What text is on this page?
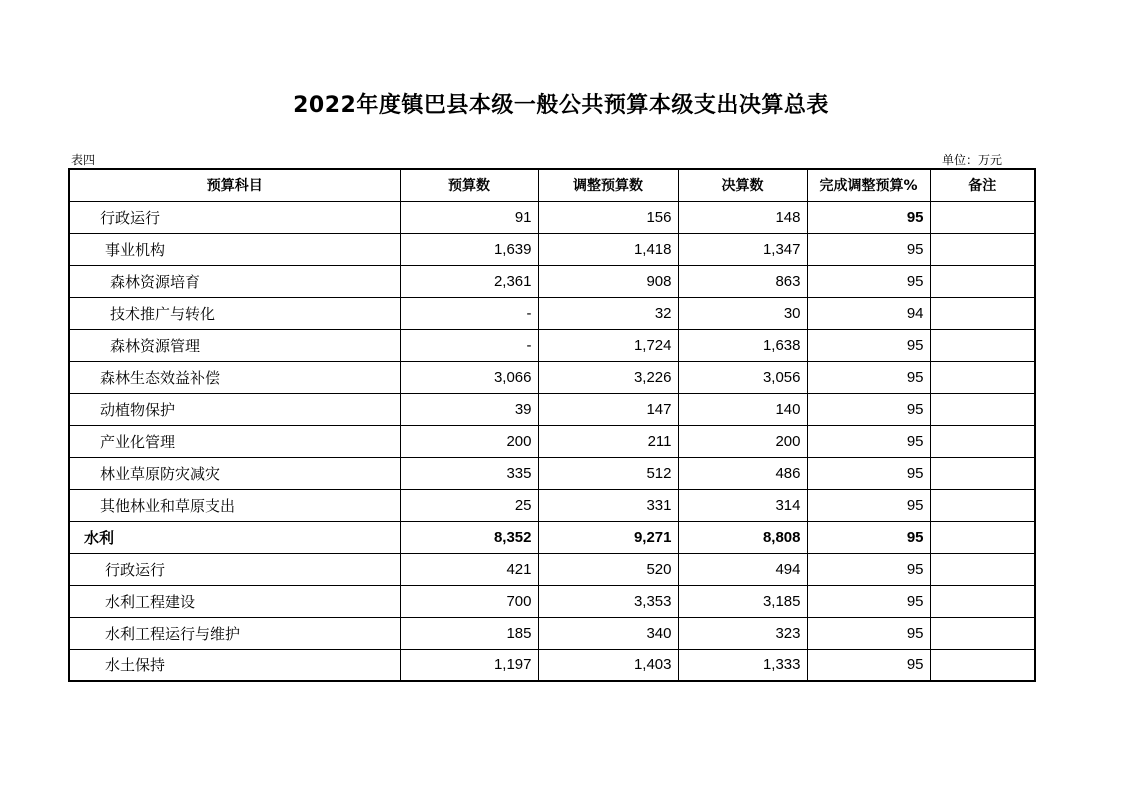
2022年度镇巴县本级一般公共预算本级支出决算总表
表四	单位：万元
预算科目	预算数	调整预算数	决算数	完成调整预算%	备注
行政运行	91	156	148	95	
事业机构	1,639	1,418	1,347	95	
森林资源培育	2,361	908	863	95	
技术推广与转化	-	32	30	94	
森林资源管理	-	1,724	1,638	95	
森林生态效益补偿	3,066	3,226	3,056	95	
动植物保护	39	147	140	95	
产业化管理	200	211	200	95	
林业草原防灾减灾	335	512	486	95	
其他林业和草原支出	25	331	314	95	
水利	8,352	9,271	8,808	95	
行政运行	421	520	494	95	
水利工程建设	700	3,353	3,185	95	
水利工程运行与维护	185	340	323	95	
水土保持	1,197	1,403	1,333	95	
